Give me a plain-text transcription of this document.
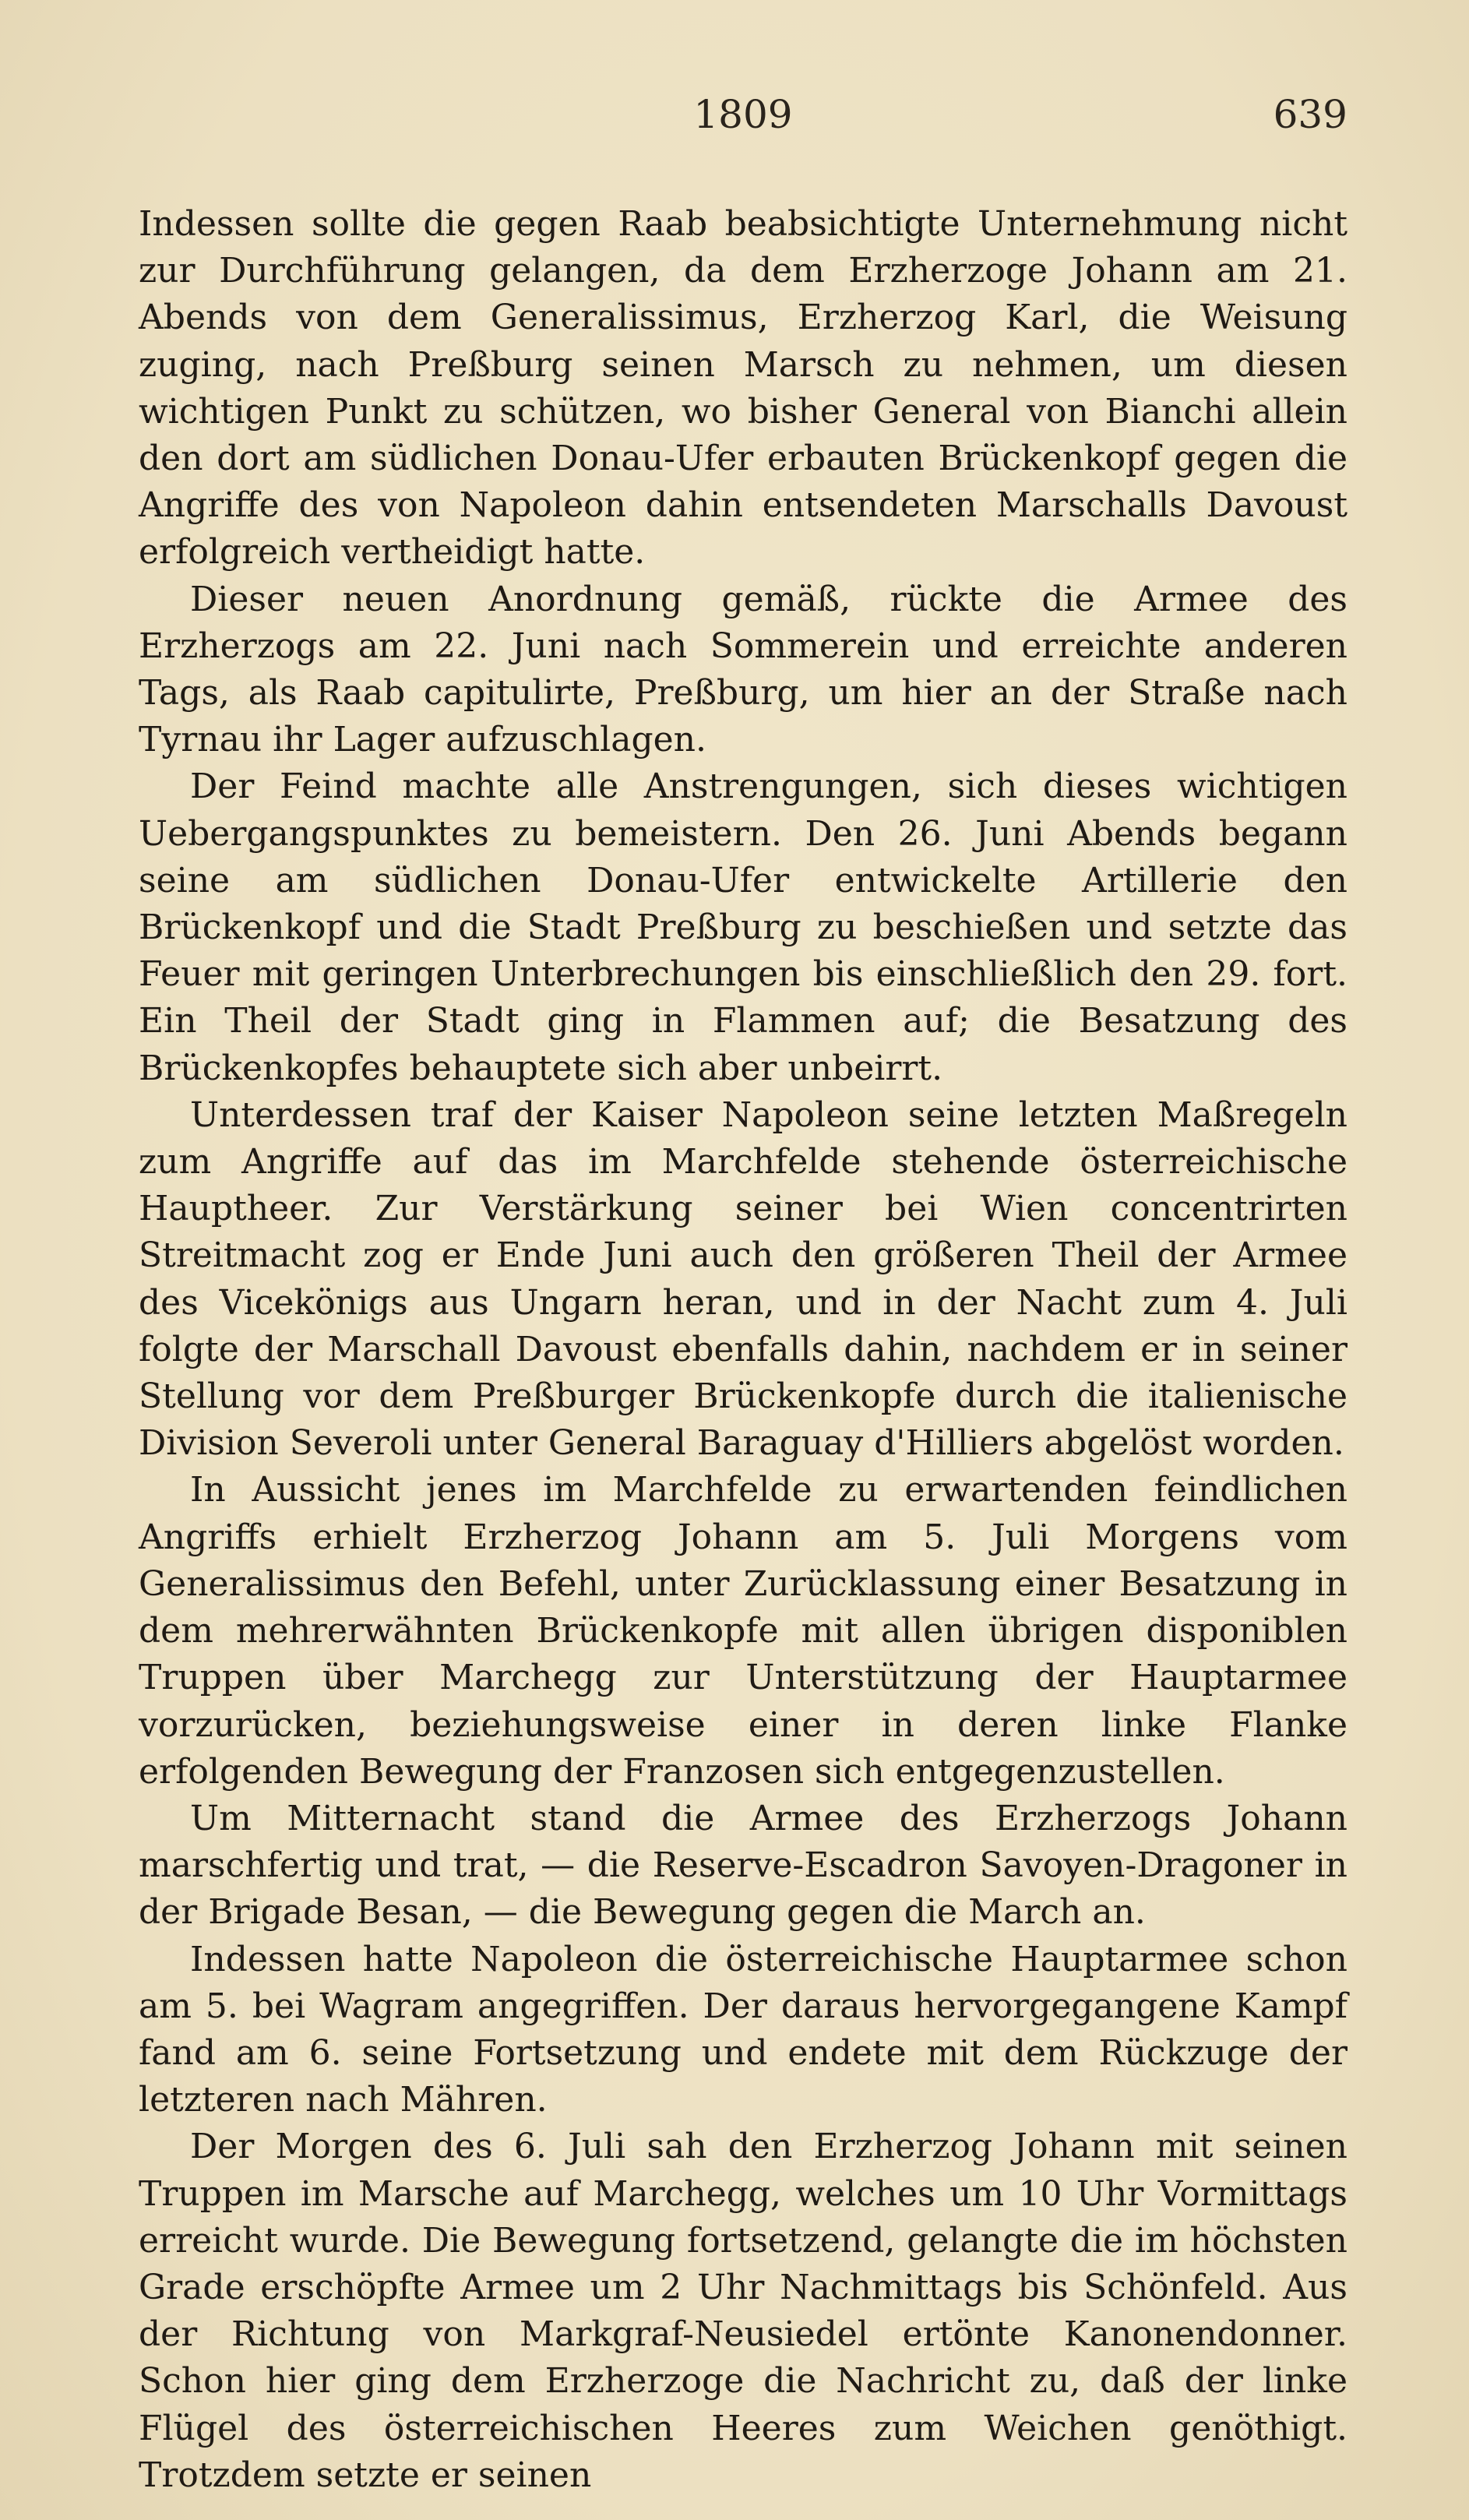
1809	639

Indessen sollte die gegen Raab beabsichtigte Unternehmung nicht zur Durchführung gelangen, da dem Erzherzoge Johann am 21. Abends von dem Generalissimus, Erzherzog Karl, die Weisung zuging, nach Preßburg seinen Marsch zu nehmen, um diesen wichtigen Punkt zu schützen, wo bisher General von Bianchi allein den dort am südlichen Donau-Ufer erbauten Brückenkopf gegen die Angriffe des von Napoleon dahin entsendeten Marschalls Davoust erfolgreich vertheidigt hatte.

Dieser neuen Anordnung gemäß, rückte die Armee des Erzherzogs am 22. Juni nach Sommerein und erreichte anderen Tags, als Raab capitulirte, Preßburg, um hier an der Straße nach Tyrnau ihr Lager aufzuschlagen.

Der Feind machte alle Anstrengungen, sich dieses wichtigen Uebergangspunktes zu bemeistern. Den 26. Juni Abends begann seine am südlichen Donau-Ufer entwickelte Artillerie den Brückenkopf und die Stadt Preßburg zu beschießen und setzte das Feuer mit geringen Unterbrechungen bis einschließlich den 29. fort. Ein Theil der Stadt ging in Flammen auf; die Besatzung des Brückenkopfes behauptete sich aber unbeirrt.

Unterdessen traf der Kaiser Napoleon seine letzten Maßregeln zum Angriffe auf das im Marchfelde stehende österreichische Hauptheer. Zur Verstärkung seiner bei Wien concentrirten Streitmacht zog er Ende Juni auch den größeren Theil der Armee des Vicekönigs aus Ungarn heran, und in der Nacht zum 4. Juli folgte der Marschall Davoust ebenfalls dahin, nachdem er in seiner Stellung vor dem Preßburger Brückenkopfe durch die italienische Division Severoli unter General Baraguay d'Hilliers abgelöst worden.

In Aussicht jenes im Marchfelde zu erwartenden feindlichen Angriffs erhielt Erzherzog Johann am 5. Juli Morgens vom Generalissimus den Befehl, unter Zurücklassung einer Besatzung in dem mehrerwähnten Brückenkopfe mit allen übrigen disponiblen Truppen über Marchegg zur Unterstützung der Hauptarmee vorzurücken, beziehungsweise einer in deren linke Flanke erfolgenden Bewegung der Franzosen sich entgegenzustellen.

Um Mitternacht stand die Armee des Erzherzogs Johann marschfertig und trat, — die Reserve-Escadron Savoyen-Dragoner in der Brigade Besan, — die Bewegung gegen die March an.

Indessen hatte Napoleon die österreichische Hauptarmee schon am 5. bei Wagram angegriffen. Der daraus hervorgegangene Kampf fand am 6. seine Fortsetzung und endete mit dem Rückzuge der letzteren nach Mähren.

Der Morgen des 6. Juli sah den Erzherzog Johann mit seinen Truppen im Marsche auf Marchegg, welches um 10 Uhr Vormittags erreicht wurde. Die Bewegung fortsetzend, gelangte die im höchsten Grade erschöpfte Armee um 2 Uhr Nachmittags bis Schönfeld. Aus der Richtung von Markgraf-Neusiedel ertönte Kanonendonner. Schon hier ging dem Erzherzoge die Nachricht zu, daß der linke Flügel des österreichischen Heeres zum Weichen genöthigt. Trotzdem setzte er seinen
